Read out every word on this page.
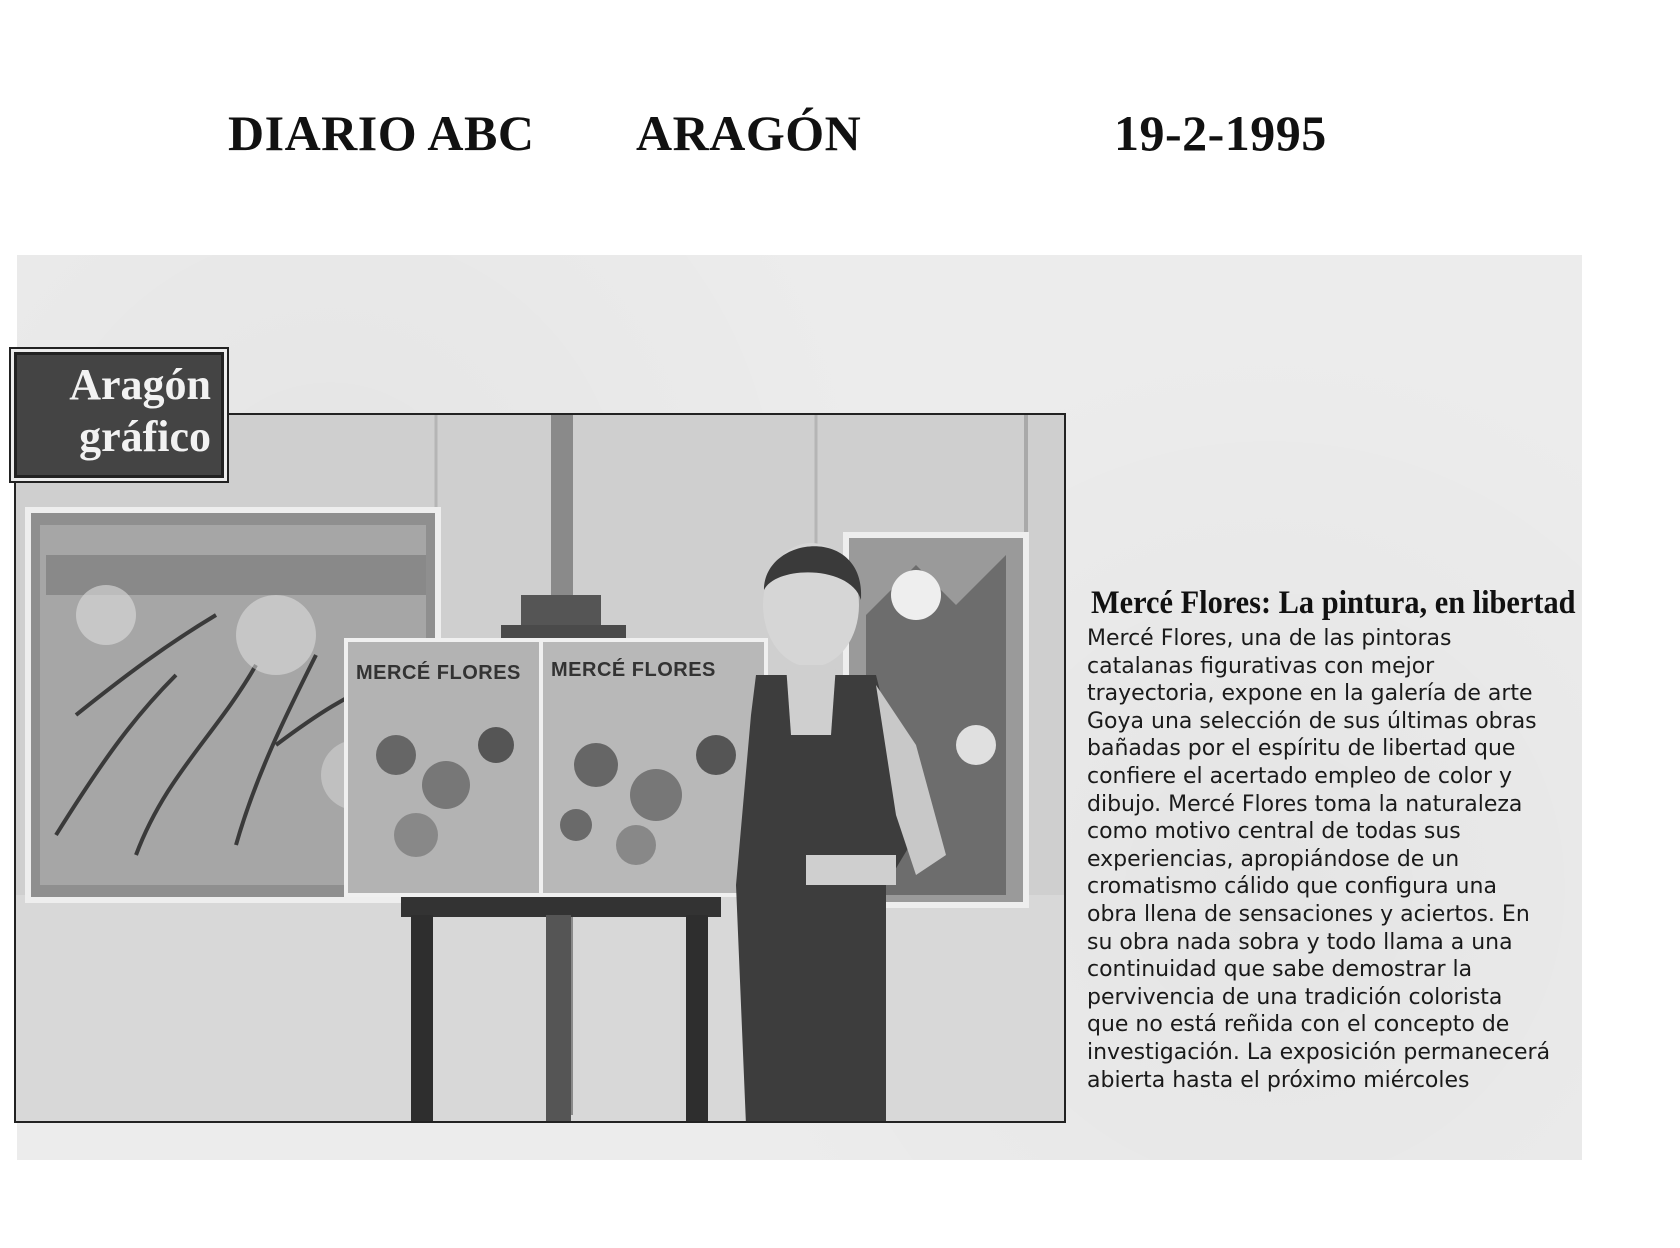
DIARIO ABC ARAGÓN	19-2-1995
Aragón
gráfico
MERCÉ FLORES MERCÉ FLORES
Mercé Flores: La pintura, en libertad

Mercé Flores, una de las pintoras
catalanas figurativas con mejor
trayectoria, expone en la galería de arte
Goya una selección de sus últimas obras
bañadas por el espíritu de libertad que
confiere el acertado empleo de color y
dibujo. Mercé Flores toma la naturaleza
como motivo central de todas sus
experiencias, apropiándose de un
cromatismo cálido que configura una
obra llena de sensaciones y aciertos. En
su obra nada sobra y todo llama a una
continuidad que sabe demostrar la
pervivencia de una tradición colorista
que no está reñida con el concepto de
investigación. La exposición permanecerá
abierta hasta el próximo miércoles
